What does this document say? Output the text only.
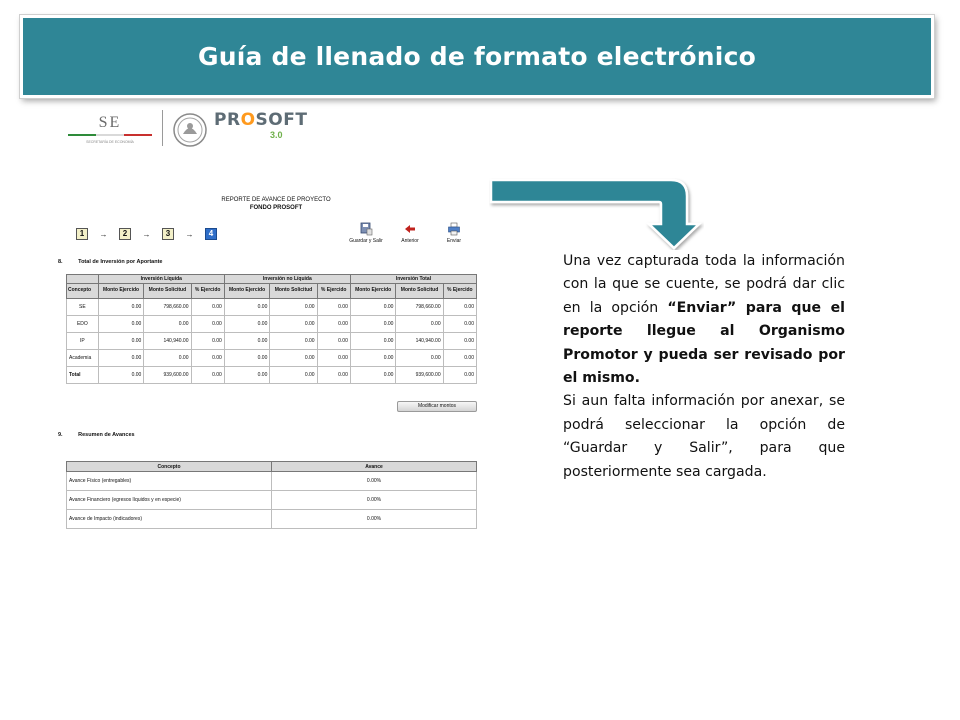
Guía de llenado de formato electrónico
SE
SECRETARÍA DE ECONOMÍA
PROSOFT
3.0
REPORTE DE AVANCE DE PROYECTO
FONDO PROSOFT
1	→	2	→	3	→	4
Guardar y Salir	Anterior	Enviar
8.	Total de Inversión por Aportante
	Inversión Líquida			Inversión no Líquida			Inversión Total		
Concepto	Monto Ejercido	Monto Solicitud	% Ejercido	Monto Ejercido	Monto Solicitud	% Ejercido	Monto Ejercido	Monto Solicitud	% Ejercido
SE	0.00	798,660.00	0.00	0.00	0.00	0.00	0.00	798,660.00	0.00
EDO	0.00	0.00	0.00	0.00	0.00	0.00	0.00	0.00	0.00
IP	0.00	140,940.00	0.00	0.00	0.00	0.00	0.00	140,940.00	0.00
Academia	0.00	0.00	0.00	0.00	0.00	0.00	0.00	0.00	0.00
Total	0.00	939,600.00	0.00	0.00	0.00	0.00	0.00	939,600.00	0.00
Modificar montos
9.	Resumen de Avances
Concepto	Avance
Avance Físico (entregables)	0.00%
Avance Financiero (egresos líquidos y en especie)	0.00%
Avance de Impacto (indicadores)	0.00%

Una vez capturada toda la información con la que se cuente, se podrá dar clic en la opción “Enviar” para que el reporte llegue al Organismo Promotor y pueda ser revisado por el mismo.

Si aun falta información por anexar, se podrá seleccionar la opción de “Guardar y Salir”, para que posteriormente sea cargada.
